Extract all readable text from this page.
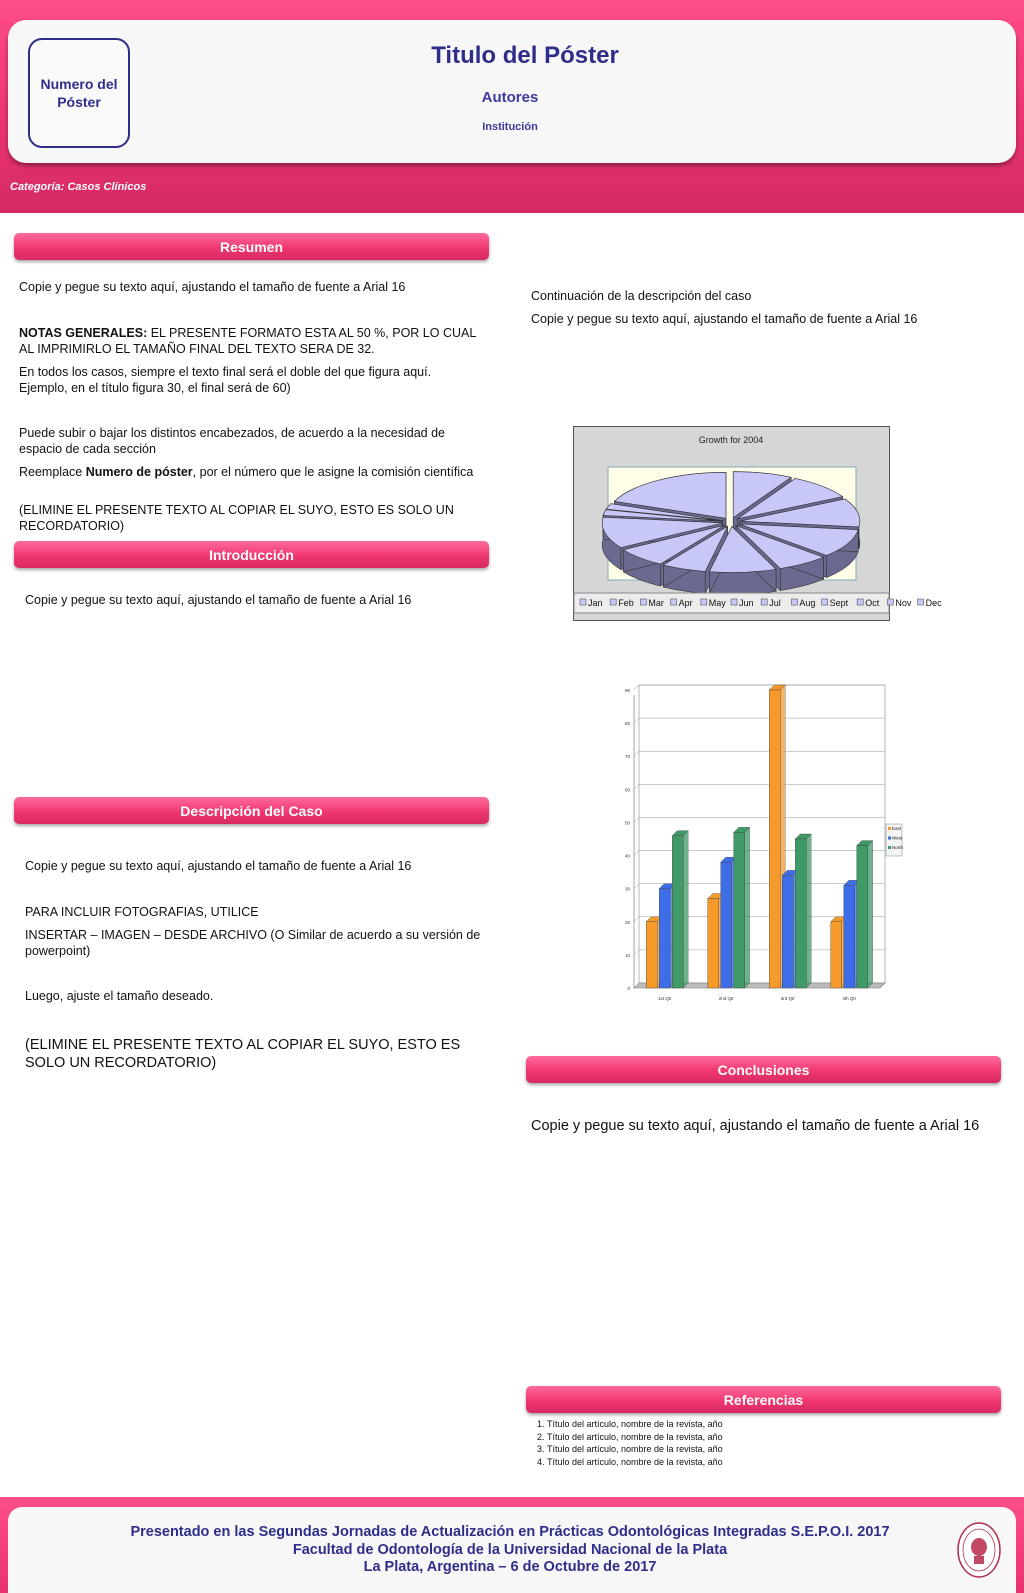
Numero del Póster
Titulo del Póster
Autores
Institución
Categoría: Casos Clínicos
Resumen
Copie y pegue su texto aquí, ajustando el tamaño de fuente a Arial 16
NOTAS GENERALES: EL PRESENTE FORMATO ESTA AL 50 %, POR LO CUAL AL IMPRIMIRLO EL TAMAÑO FINAL DEL TEXTO SERA DE 32.
En todos los casos, siempre el texto final será el doble del que figura aquí. Ejemplo, en el título figura 30, el final será de 60)
Puede subir o bajar los distintos encabezados, de acuerdo a la necesidad de espacio de cada sección
Reemplace Numero de póster, por el número que le asigne la comisión científica
(ELIMINE EL PRESENTE TEXTO AL COPIAR EL SUYO, ESTO ES SOLO UN RECORDATORIO)
Introducción
Copie y pegue su texto aquí, ajustando el tamaño de fuente a Arial 16
Descripción del Caso
Copie y pegue su texto aquí, ajustando el tamaño de fuente a Arial 16
PARA INCLUIR FOTOGRAFIAS, UTILICE
INSERTAR – IMAGEN – DESDE ARCHIVO (O Similar de acuerdo a su versión de powerpoint)
Luego, ajuste el tamaño deseado.
(ELIMINE EL PRESENTE TEXTO AL COPIAR EL SUYO, ESTO ES SOLO UN RECORDATORIO)
Continuación de la descripción del caso
Copie y pegue su texto aquí, ajustando el tamaño de fuente a Arial 16
Growth for 2004
Jan Feb Mar Apr May Jun Jul Aug Sept Oct Nov Dec
0
10
20
30
40
50
60
70
80
90
1st Qtr	2nd Qtr	3rd Qtr	4th Qtr
East
West
North
Conclusiones
Copie y pegue su texto aquí, ajustando el tamaño de fuente a Arial 16
Referencias
1. Título del artículo, nombre de la revista, año
2. Título del artículo, nombre de la revista, año
3. Título del artículo, nombre de la revista, año
4. Título del artículo, nombre de la revista, año
Presentado en las Segundas Jornadas de Actualización en Prácticas Odontológicas Integradas S.E.P.O.I. 2017
Facultad de Odontología de la Universidad Nacional de la Plata
La Plata, Argentina – 6 de Octubre de 2017
